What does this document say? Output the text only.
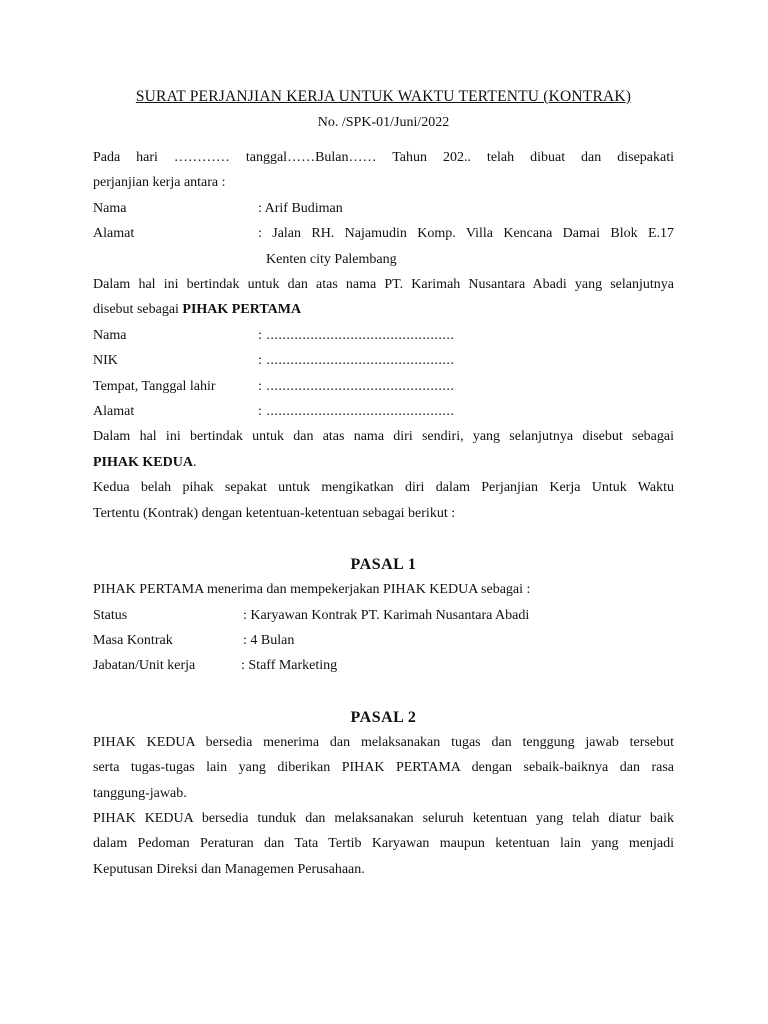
SURAT PERJANJIAN KERJA UNTUK WAKTU TERTENTU (KONTRAK)
No. /SPK-01/Juni/2022
Pada hari ………… tanggal……Bulan…… Tahun 202.. telah dibuat dan disepakati
perjanjian kerja antara :
Nama	: Arif Budiman
Alamat	: Jalan RH. Najamudin Komp. Villa Kencana Damai Blok E.17
Kenten city Palembang
Dalam hal ini bertindak untuk dan atas nama PT. Karimah Nusantara Abadi yang selanjutnya
disebut sebagai PIHAK PERTAMA
Nama	: ...............................................
NIK	: ...............................................
Tempat, Tanggal lahir	: ...............................................
Alamat	: ...............................................
Dalam hal ini bertindak untuk dan atas nama diri sendiri, yang selanjutnya disebut sebagai
PIHAK KEDUA.
Kedua belah pihak sepakat untuk mengikatkan diri dalam Perjanjian Kerja Untuk Waktu
Tertentu (Kontrak) dengan ketentuan-ketentuan sebagai berikut :
PASAL 1
PIHAK PERTAMA menerima dan mempekerjakan PIHAK KEDUA sebagai :
Status	: Karyawan Kontrak PT. Karimah Nusantara Abadi
Masa Kontrak	: 4 Bulan
Jabatan/Unit kerja	: Staff Marketing
PASAL 2
PIHAK KEDUA bersedia menerima dan melaksanakan tugas dan tenggung jawab tersebut
serta tugas-tugas lain yang diberikan PIHAK PERTAMA dengan sebaik-baiknya dan rasa
tanggung-jawab.
PIHAK KEDUA bersedia tunduk dan melaksanakan seluruh ketentuan yang telah diatur baik
dalam Pedoman Peraturan dan Tata Tertib Karyawan maupun ketentuan lain yang menjadi
Keputusan Direksi dan Managemen Perusahaan.
